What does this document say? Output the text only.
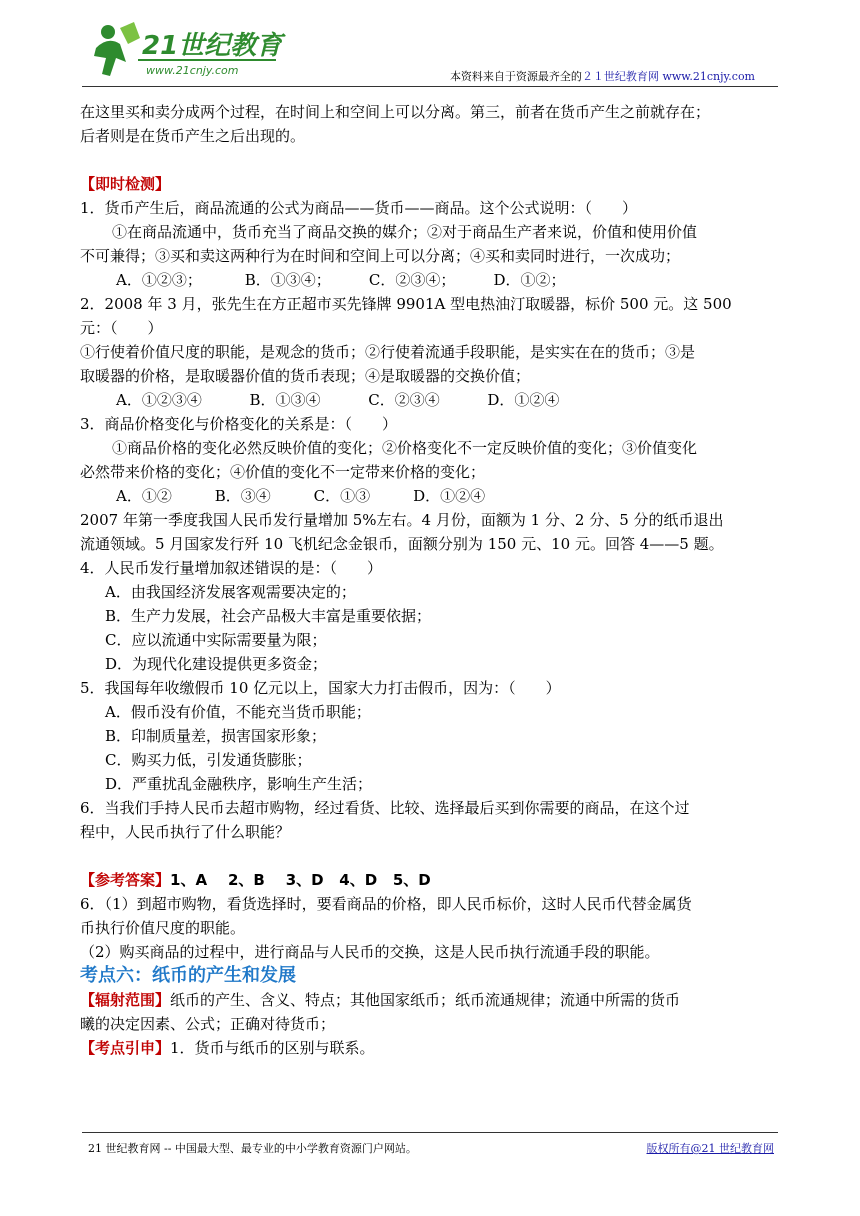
21世纪教育
www.21cnjy.com	本资料来自于资源最齐全的２１世纪教育网 www.21cnjy.com

在这里买和卖分成两个过程，在时间上和空间上可以分离。第三，前者在货币产生之前就存在；

后者则是在货币产生之后出现的。

【即时检测】

1．货币产生后，商品流通的公式为商品——货币——商品。这个公式说明：（　　）

①在商品流通中，货币充当了商品交换的媒介；②对于商品生产者来说，价值和使用价值

不可兼得；③买和卖这两种行为在时间和空间上可以分离；④买和卖同时进行，一次成功；

A．①②③；         B．①③④；        C．②③④；        D．①②；

2．2008 年 3 月，张先生在方正超市买先锋牌 9901A 型电热油汀取暖器，标价 500 元。这 500

元：（　　）

①行使着价值尺度的职能，是观念的货币；②行使着流通手段职能，是实实在在的货币；③是

取暖器的价格，是取暖器价值的货币表现；④是取暖器的交换价值；

A．①②③④          B．①③④          C．②③④          D．①②④

3．商品价格变化与价格变化的关系是：（　　）

①商品价格的变化必然反映价值的变化；②价格变化不一定反映价值的变化；③价值变化

必然带来价格的变化；④价值的变化不一定带来价格的变化；

A．①②         B．③④         C．①③         D．①②④

2007 年第一季度我国人民币发行量增加 5%左右。4 月份，面额为 1 分、2 分、5 分的纸币退出

流通领域。5 月国家发行歼 10 飞机纪念金银币，面额分别为 150 元、10 元。回答 4——5 题。

4．人民币发行量增加叙述错误的是：（　　）

A．由我国经济发展客观需要决定的；

B．生产力发展，社会产品极大丰富是重要依据；

C．应以流通中实际需要量为限；

D．为现代化建设提供更多资金；

5．我国每年收缴假币 10 亿元以上，国家大力打击假币，因为：（　　）

A．假币没有价值，不能充当货币职能；

B．印制质量差，损害国家形象；

C．购买力低，引发通货膨胀；

D．严重扰乱金融秩序，影响生产生活；

6．当我们手持人民币去超市购物，经过看货、比较、选择最后买到你需要的商品，在这个过

程中，人民币执行了什么职能？

【参考答案】1、A    2、B    3、D   4、D   5、D

6．（1）到超市购物，看货选择时，要看商品的价格，即人民币标价，这时人民币代替金属货

币执行价值尺度的职能。

（2）购买商品的过程中，进行商品与人民币的交换，这是人民币执行流通手段的职能。

考点六：纸币的产生和发展

【辐射范围】纸币的产生、含义、特点；其他国家纸币；纸币流通规律；流通中所需的货币

曦的决定因素、公式；正确对待货币；

【考点引申】1．货币与纸币的区别与联系。

21 世纪教育网 -- 中国最大型、最专业的中小学教育资源门户网站。	版权所有@21 世纪教育网
